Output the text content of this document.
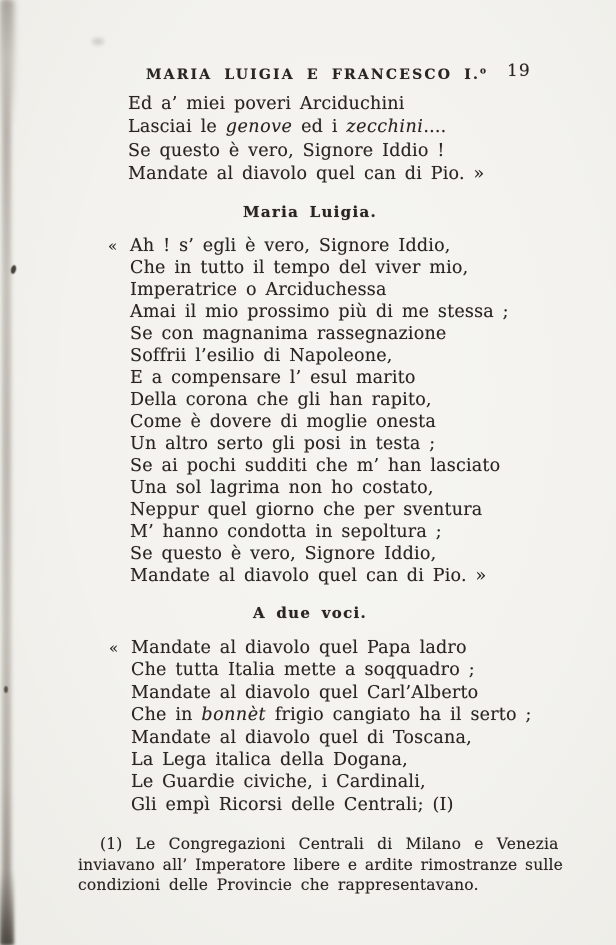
MARIA LUIGIA E FRANCESCO I.$^o$	19
Ed a’ miei poveri Arciduchini
Lasciai le genove ed i zecchini....
Se questo è vero, Signore Iddio !
Mandate al diavolo quel can di Pio. »
Maria Luigia.
« Ah ! s’ egli è vero, Signore Iddio,
Che in tutto il tempo del viver mio,
Imperatrice o Arciduchessa
Amai il mio prossimo più di me stessa ;
Se con magnanima rassegnazione
Soffrii l’esilio di Napoleone,
E a compensare l’ esul marito
Della corona che gli han rapito,
Come è dovere di moglie onesta
Un altro serto gli posi in testa ;
Se ai pochi sudditi che m’ han lasciato
Una sol lagrima non ho costato,
Neppur quel giorno che per sventura
M’ hanno condotta in sepoltura ;
Se questo è vero, Signore Iddio,
Mandate al diavolo quel can di Pio. »
A due voci.
« Mandate al diavolo quel Papa ladro
Che tutta Italia mette a soqquadro ;
Mandate al diavolo quel Carl’Alberto
Che in bonnèt frigio cangiato ha il serto ;
Mandate al diavolo quel di Toscana,
La Lega italica della Dogana,
Le Guardie civiche, i Cardinali,
Gli empì Ricorsi delle Centrali; (I)
(1) Le Congregazioni Centrali di Milano e Venezia
inviavano all’ Imperatore libere e ardite rimostranze sulle
condizioni delle Provincie che rappresentavano.
